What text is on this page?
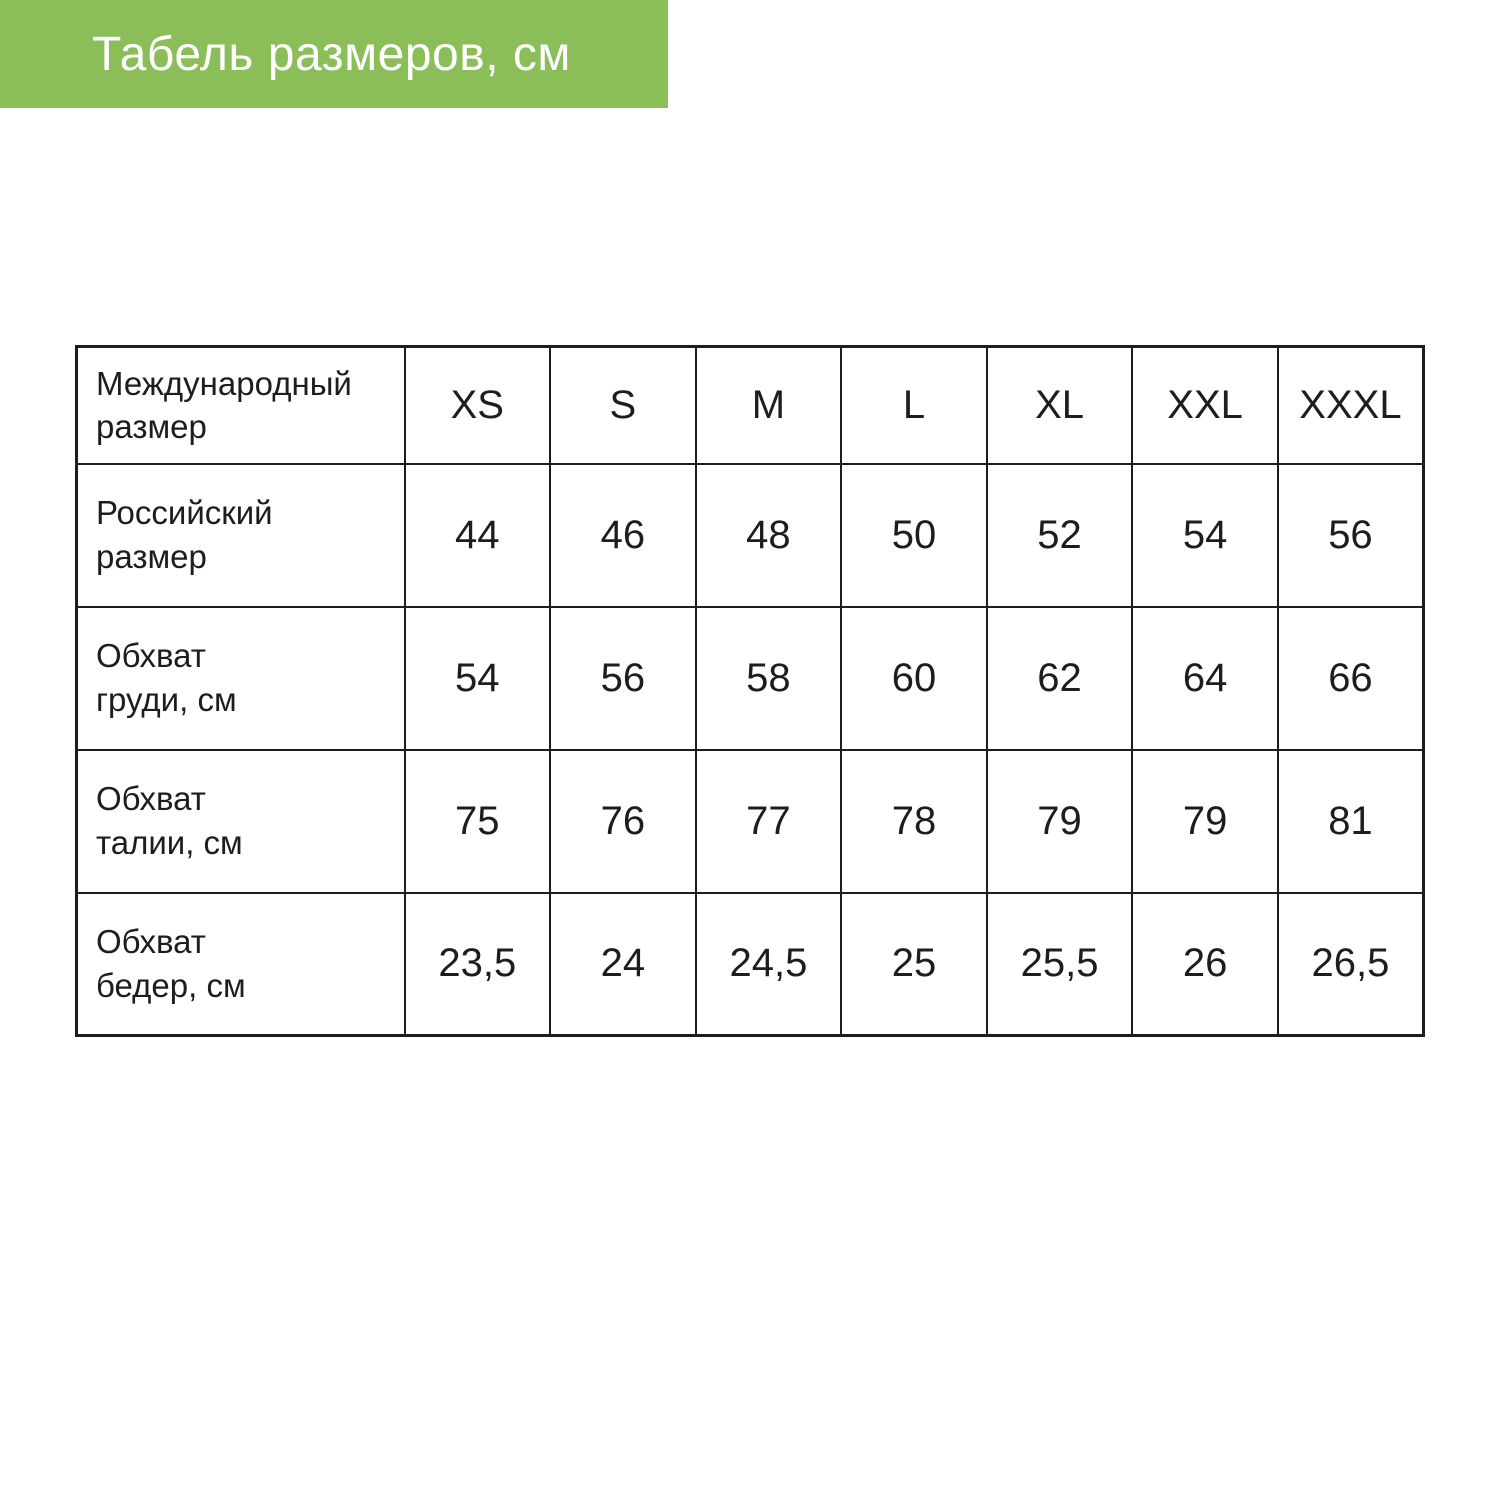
Табель размеров, см
Международный
размер	XS	S	M	L	XL	XXL	XXXL

Российский
размер	44	46	48	50	52	54	56

Обхват
груди, см	54	56	58	60	62	64	66

Обхват
талии, см	75	76	77	78	79	79	81

Обхват
бедер, см	23,5	24	24,5	25	25,5	26	26,5
